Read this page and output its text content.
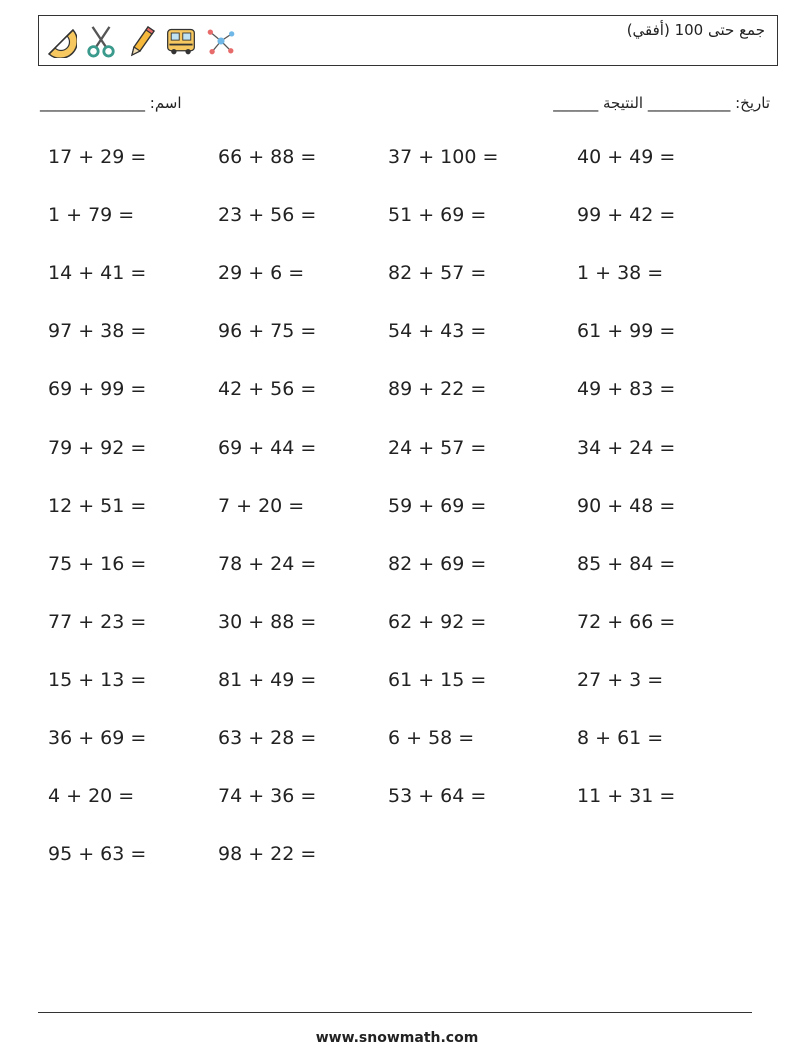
جمع حتى 100 (أفقي)
اسم: ______________	تاريخ: ___________ النتيجة ______
17 + 29 =	66 + 88 =	37 + 100 =	40 + 49 =
1 + 79 =	23 + 56 =	51 + 69 =	99 + 42 =
14 + 41 =	29 + 6 =	82 + 57 =	1 + 38 =
97 + 38 =	96 + 75 =	54 + 43 =	61 + 99 =
69 + 99 =	42 + 56 =	89 + 22 =	49 + 83 =
79 + 92 =	69 + 44 =	24 + 57 =	34 + 24 =
12 + 51 =	7 + 20 =	59 + 69 =	90 + 48 =
75 + 16 =	78 + 24 =	82 + 69 =	85 + 84 =
77 + 23 =	30 + 88 =	62 + 92 =	72 + 66 =
15 + 13 =	81 + 49 =	61 + 15 =	27 + 3 =
36 + 69 =	63 + 28 =	6 + 58 =	8 + 61 =
4 + 20 =	74 + 36 =	53 + 64 =	11 + 31 =
95 + 63 =	98 + 22 =
www.snowmath.com
